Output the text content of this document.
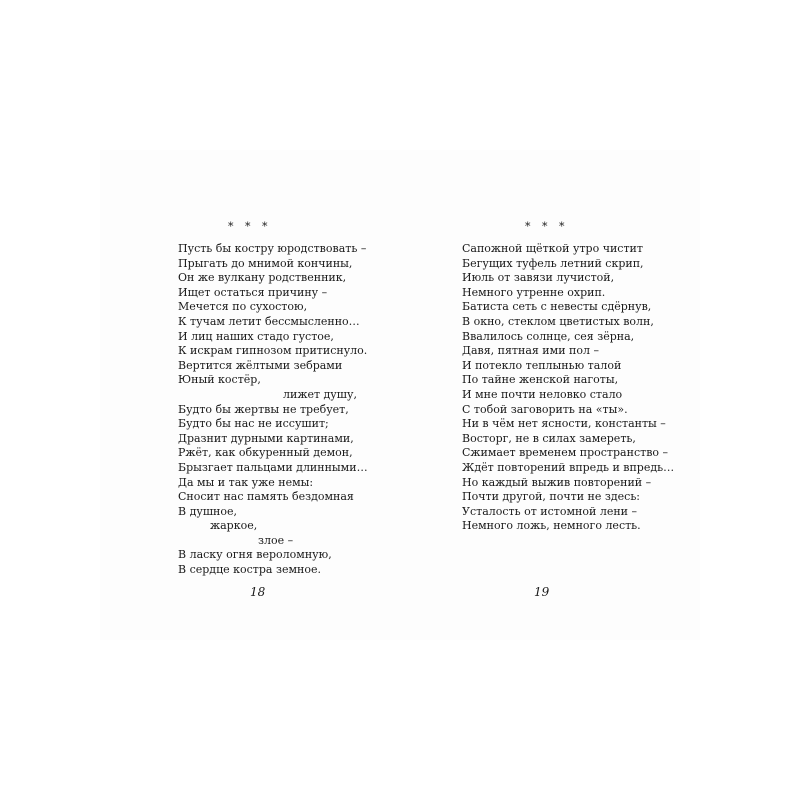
* * *
Пусть бы костру юродствовать –
Прыгать до мнимой кончины,
Он же вулкану родственник,
Ищет остаться причину –
Мечется по сухостою,
К тучам летит бессмысленно…
И лиц наших стадо густое,
К искрам гипнозом притиснуло.
Вертится жёлтыми зебрами
Юный костёр,
лижет душу,
Будто бы жертвы не требует,
Будто бы нас не иссушит;
Дразнит дурными картинами,
Ржёт, как обкуренный демон,
Брызгает пальцами длинными…
Да мы и так уже немы:
Сносит нас память бездомная
В душное,
жаркое,
злое –
В ласку огня вероломную,
В сердце костра земное.
18
* * *
Сапожной щёткой утро чистит
Бегущих туфель летний скрип,
Июль от завязи лучистой,
Немного утренне охрип.
Батиста сеть с невесты сдёрнув,
В окно, стеклом цветистых волн,
Ввалилось солнце, сея зёрна,
Давя, пятная ими пол –
И потекло теплынью талой
По тайне женской наготы,
И мне почти неловко стало
С тобой заговорить на «ты».
Ни в чём нет ясности, константы –
Восторг, не в силах замереть,
Сжимает временем пространство –
Ждёт повторений впредь и впредь…
Но каждый выжив повторений –
Почти другой, почти не здесь:
Усталость от истомной лени –
Немного ложь, немного лесть.
19
